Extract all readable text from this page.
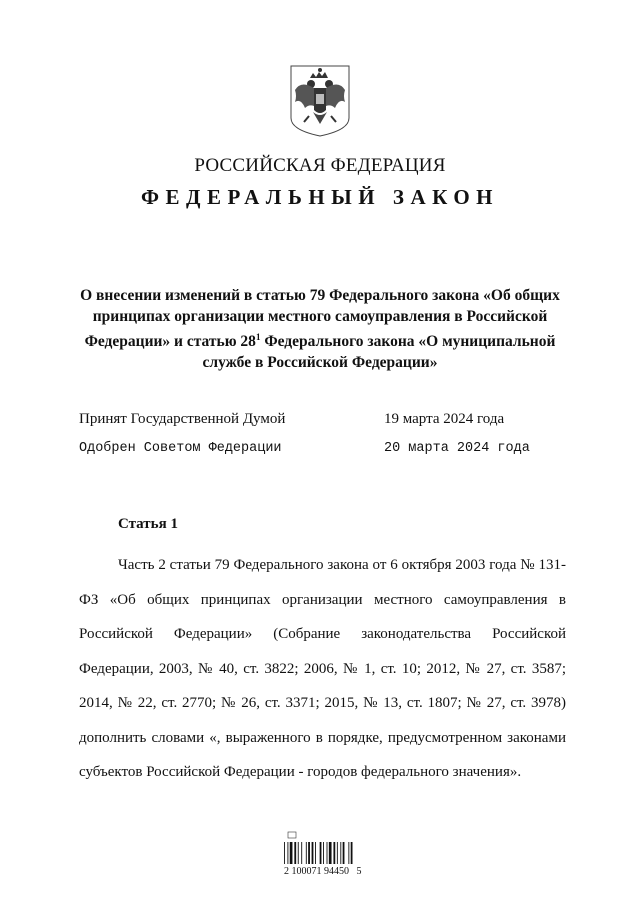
РОССИЙСКАЯ ФЕДЕРАЦИЯ
ФЕДЕРАЛЬНЫЙ ЗАКОН
О внесении изменений в статью 79 Федерального закона «Об общих принципах организации местного самоуправления в Российской Федерации» и статью $28^1$ Федерального закона «О муниципальной службе в Российской Федерации»
Принят Государственной Думой	19 марта 2024 года
Одобрен Советом Федерации	20 марта 2024 года
Статья 1

Часть 2 статьи 79 Федерального закона от 6 октября 2003 года № 131-ФЗ «Об общих принципах организации местного самоуправления в Российской Федерации» (Собрание законодательства Российской Федерации, 2003, № 40, ст. 3822; 2006, № 1, ст. 10; 2012, № 27, ст. 3587; 2014, № 22, ст. 2770; № 26, ст. 3371; 2015, № 13, ст. 1807; № 27, ст. 3978) дополнить словами «, выраженного в порядке, предусмотренном законами субъектов Российской Федерации - городов федерального значения».

2 100071 94450   5
